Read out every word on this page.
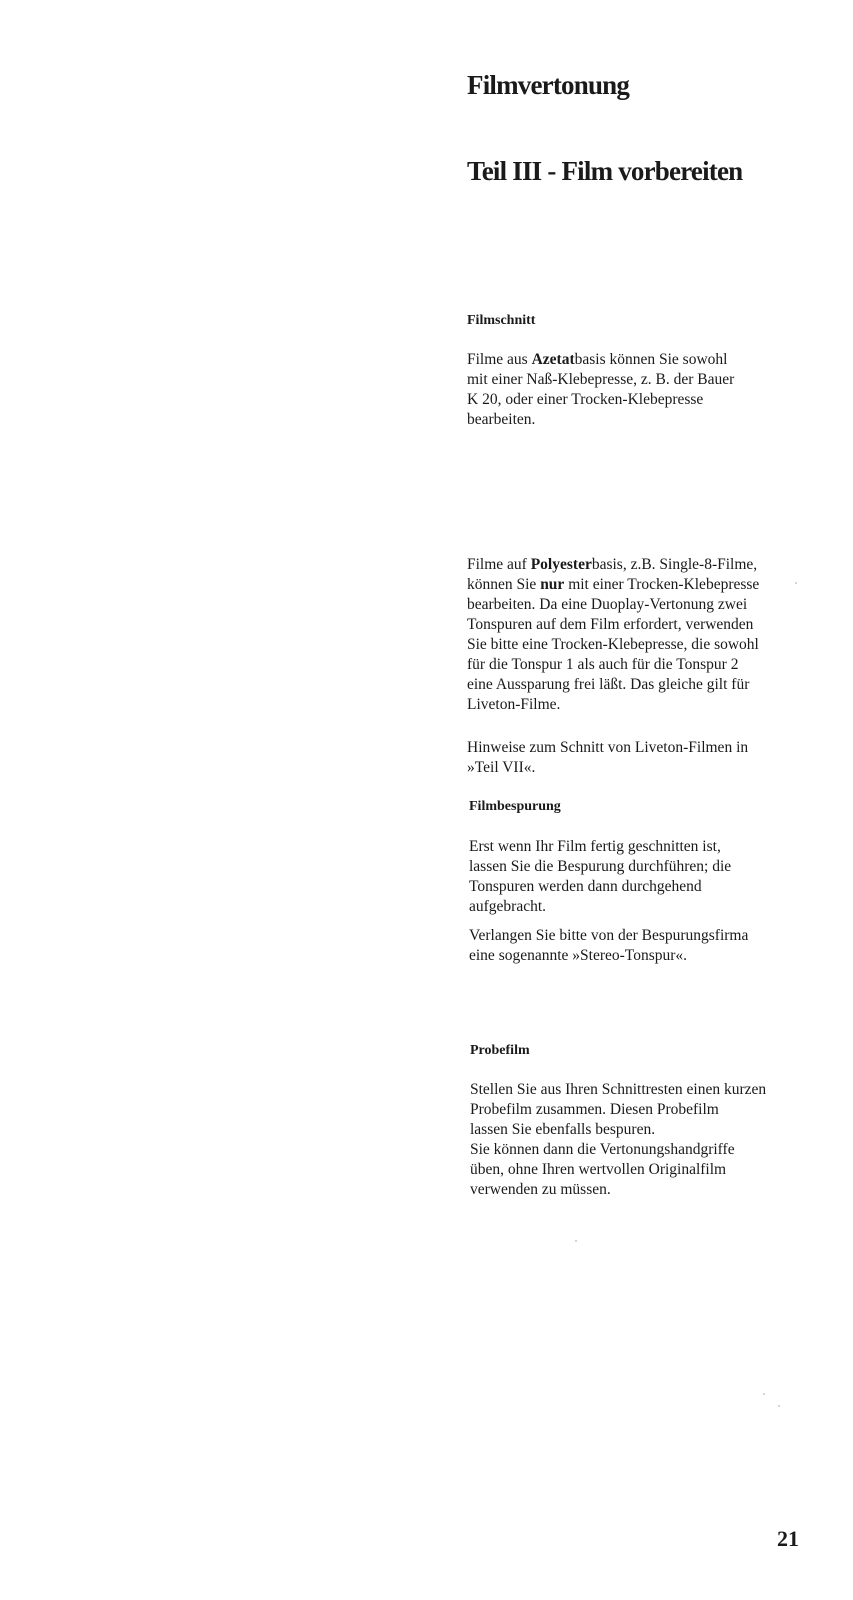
Filmvertonung
Teil III - Film vorbereiten
Filmschnitt

Filme aus Azetatbasis können Sie sowohl
mit einer Naß-Klebepresse, z. B. der Bauer
K 20, oder einer Trocken-Klebepresse
bearbeiten.

Filme auf Polyesterbasis, z.B. Single-8-Filme,
können Sie nur mit einer Trocken-Klebepresse
bearbeiten. Da eine Duoplay-Vertonung zwei
Tonspuren auf dem Film erfordert, verwenden
Sie bitte eine Trocken-Klebepresse, die sowohl
für die Tonspur 1 als auch für die Tonspur 2
eine Aussparung frei läßt. Das gleiche gilt für
Liveton-Filme.

Hinweise zum Schnitt von Liveton-Filmen in
»Teil VII«.

Filmbespurung

Erst wenn Ihr Film fertig geschnitten ist,
lassen Sie die Bespurung durchführen; die
Tonspuren werden dann durchgehend
aufgebracht.

Verlangen Sie bitte von der Bespurungsfirma
eine sogenannte »Stereo-Tonspur«.

Probefilm

Stellen Sie aus Ihren Schnittresten einen kurzen
Probefilm zusammen. Diesen Probefilm
lassen Sie ebenfalls bespuren.
Sie können dann die Vertonungshandgriffe
üben, ohne Ihren wertvollen Originalfilm
verwenden zu müssen.

21
